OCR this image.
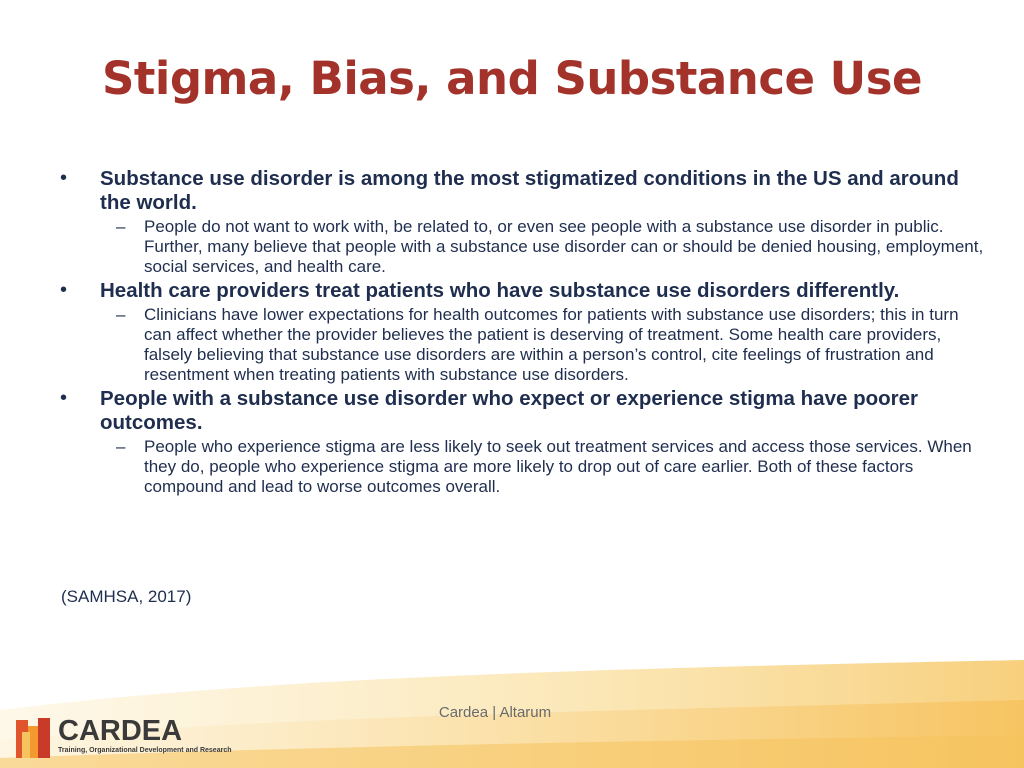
Stigma, Bias, and Substance Use
• Substance use disorder is among the most stigmatized conditions in the US and around the world.
– People do not want to work with, be related to, or even see people with a substance use disorder in public. Further, many believe that people with a substance use disorder can or should be denied housing, employment, social services, and health care.
• Health care providers treat patients who have substance use disorders differently.
– Clinicians have lower expectations for health outcomes for patients with substance use disorders; this in turn can affect whether the provider believes the patient is deserving of treatment. Some health care providers, falsely believing that substance use disorders are within a person’s control, cite feelings of frustration and resentment when treating patients with substance use disorders.
• People with a substance use disorder who expect or experience stigma have poorer outcomes.
– People who experience stigma are less likely to seek out treatment services and access those services. When they do, people who experience stigma are more likely to drop out of care earlier. Both of these factors compound and lead to worse outcomes overall.
(SAMHSA, 2017)
Cardea | Altarum
CARDEA
Training, Organizational Development and Research
